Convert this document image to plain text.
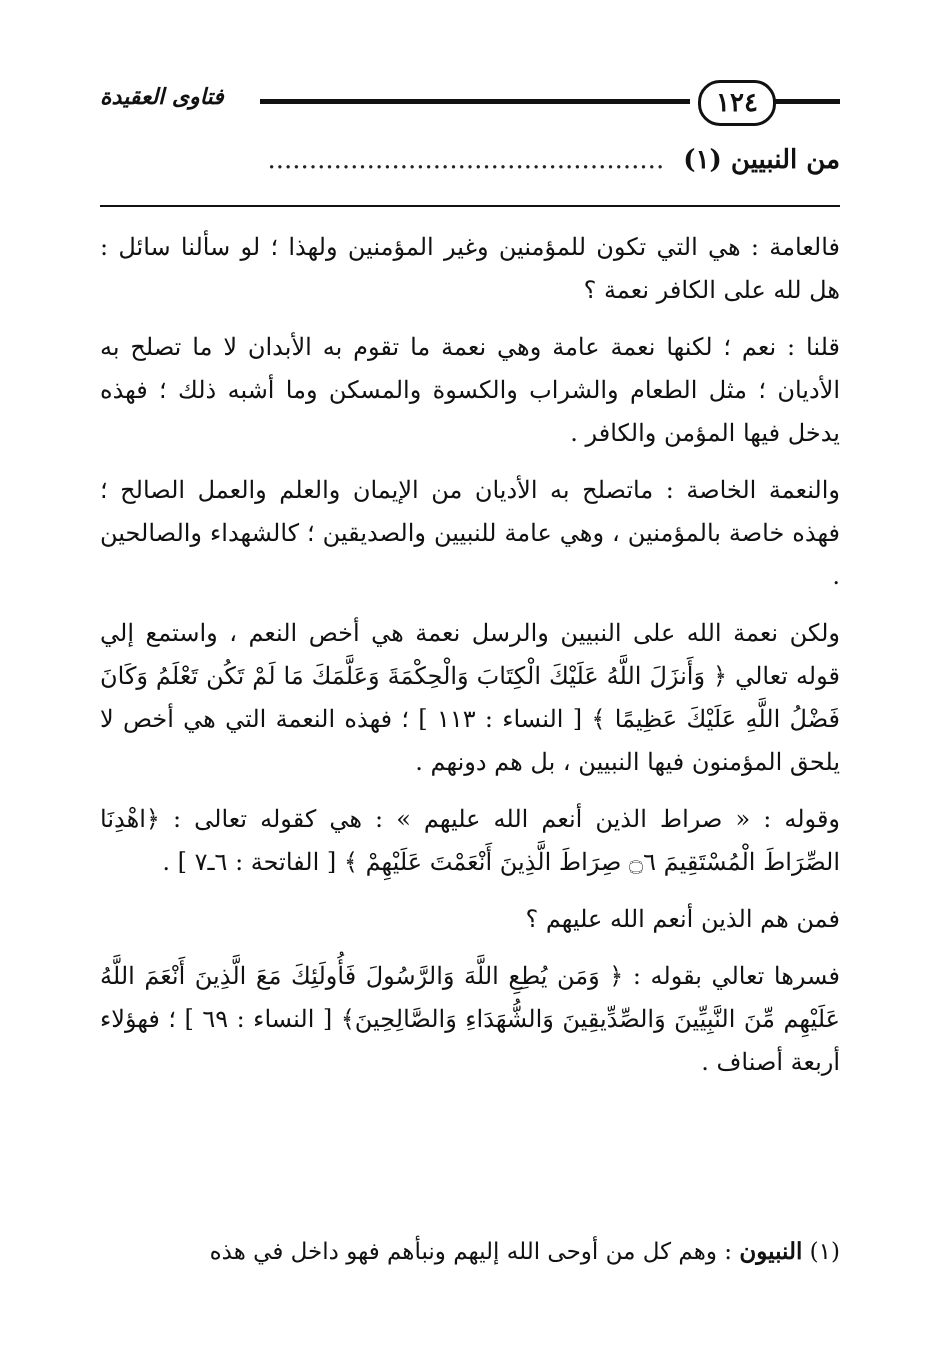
١٢٤
فتاوى العقيدة
من النبيين (١) ................................................

فالعامة : هي التي تكون للمؤمنين وغير المؤمنين ولهذا ؛ لو سألنا سائل : هل لله على الكافر نعمة ؟

قلنا : نعم ؛ لكنها نعمة عامة وهي نعمة ما تقوم به الأبدان لا ما تصلح به الأديان ؛ مثل الطعام والشراب والكسوة والمسكن وما أشبه ذلك ؛ فهذه يدخل فيها المؤمن والكافر .

والنعمة الخاصة : ماتصلح به الأديان من الإيمان والعلم والعمل الصالح ؛ فهذه خاصة بالمؤمنين ، وهي عامة للنبيين والصديقين ؛ كالشهداء والصالحين .

ولكن نعمة الله على النبيين والرسل نعمة هي أخص النعم ، واستمع إلي قوله تعالي ﴿ وَأَنزَلَ اللَّهُ عَلَيْكَ الْكِتَابَ وَالْحِكْمَةَ وَعَلَّمَكَ مَا لَمْ تَكُن تَعْلَمُ وَكَانَ فَضْلُ اللَّهِ عَلَيْكَ عَظِيمًا ﴾ [ النساء : ١١٣ ] ؛ فهذه النعمة التي هي أخص لا يلحق المؤمنون فيها النبيين ، بل هم دونهم .

وقوله : « صراط الذين أنعم الله عليهم » : هي كقوله تعالى : ﴿اهْدِنَا الصِّرَاطَ الْمُسْتَقِيمَ ۝٦ صِرَاطَ الَّذِينَ أَنْعَمْتَ عَلَيْهِمْ ﴾ [ الفاتحة : ٦ـ٧ ] .

فمن هم الذين أنعم الله عليهم ؟

فسرها تعالي بقوله : ﴿ وَمَن يُطِعِ اللَّهَ وَالرَّسُولَ فَأُولَئِكَ مَعَ الَّذِينَ أَنْعَمَ اللَّهُ عَلَيْهِم مِّنَ النَّبِيِّينَ وَالصِّدِّيقِينَ وَالشُّهَدَاءِ وَالصَّالِحِينَ﴾ [ النساء : ٦٩ ] ؛ فهؤلاء أربعة أصناف .

(١) النبيون : وهم كل من أوحى الله إليهم ونبأهم فهو داخل في هذه
